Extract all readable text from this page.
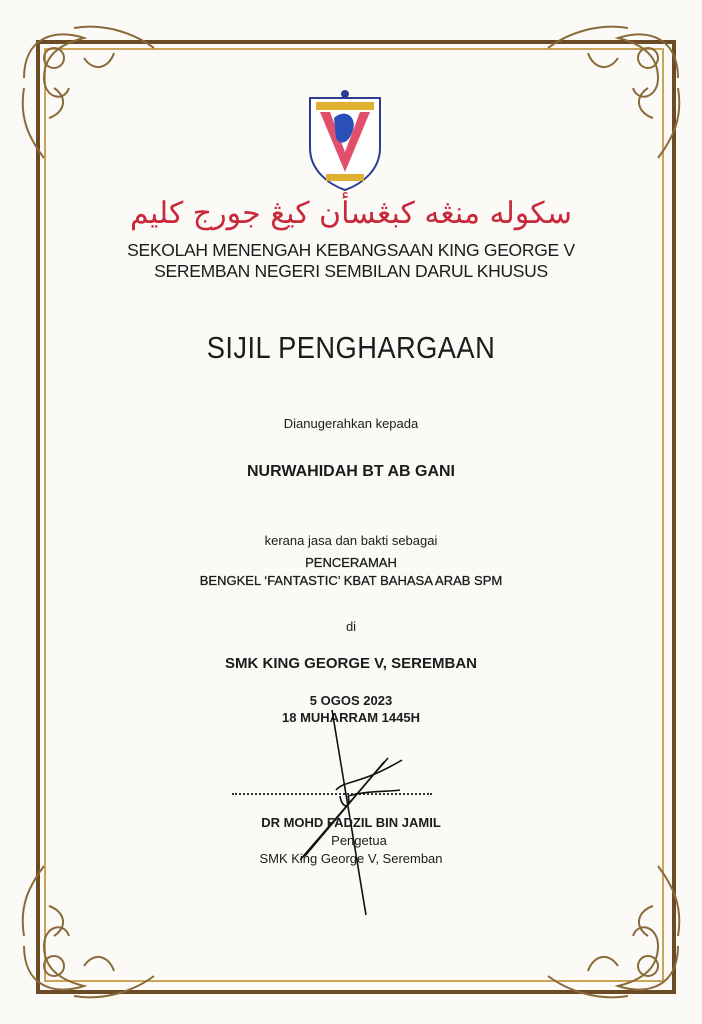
سكوله منڠه كبڠسأن كيڠ جورج كليم
SEKOLAH MENENGAH KEBANGSAAN KING GEORGE V
SEREMBAN NEGERI SEMBILAN DARUL KHUSUS
SIJIL PENGHARGAAN
Dianugerahkan kepada
NURWAHIDAH BT AB GANI
kerana jasa dan bakti sebagai
PENCERAMAH
BENGKEL ‘FANTASTIC’ KBAT BAHASA ARAB SPM
di
SMK KING GEORGE V, SEREMBAN
5 OGOS 2023
18 MUHARRAM 1445H
DR MOHD FADZIL BIN JAMIL
Pengetua
SMK King George V, Seremban
